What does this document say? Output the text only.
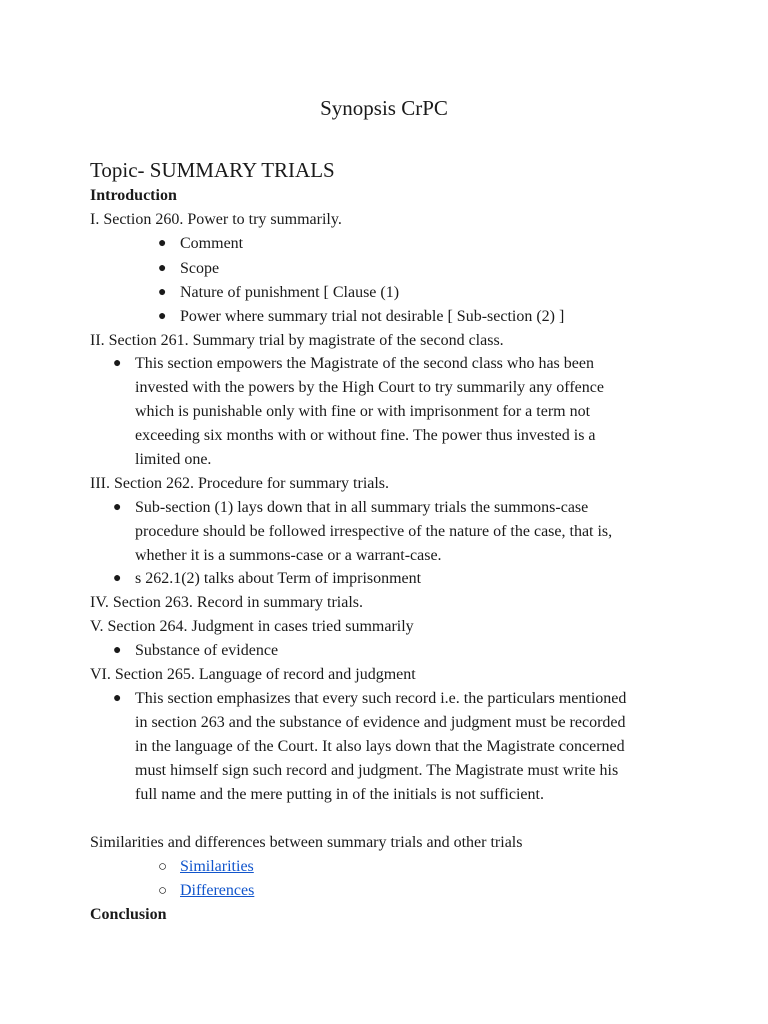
Synopsis CrPC
Topic- SUMMARY TRIALS
Introduction
I. Section 260. Power to try summarily.
● Comment
● Scope
● Nature of punishment [ Clause (1)
● Power where summary trial not desirable [ Sub-section (2) ]
II. Section 261. Summary trial by magistrate of the second class.
● This section empowers the Magistrate of the second class who has been
invested with the powers by the High Court to try summarily any offence
which is punishable only with fine or with imprisonment for a term not
exceeding six months with or without fine. The power thus invested is a
limited one.
III. Section 262. Procedure for summary trials.
● Sub-section (1) lays down that in all summary trials the summons-case
procedure should be followed irrespective of the nature of the case, that is,
whether it is a summons-case or a warrant-case.
● s 262.1(2) talks about Term of imprisonment
IV. Section 263. Record in summary trials.
V. Section 264. Judgment in cases tried summarily
● Substance of evidence
VI. Section 265. Language of record and judgment
● This section emphasizes that every such record i.e. the particulars mentioned
in section 263 and the substance of evidence and judgment must be recorded
in the language of the Court. It also lays down that the Magistrate concerned
must himself sign such record and judgment. The Magistrate must write his
full name and the mere putting in of the initials is not sufficient.
Similarities and differences between summary trials and other trials
○ Similarities
○ Differences
Conclusion
